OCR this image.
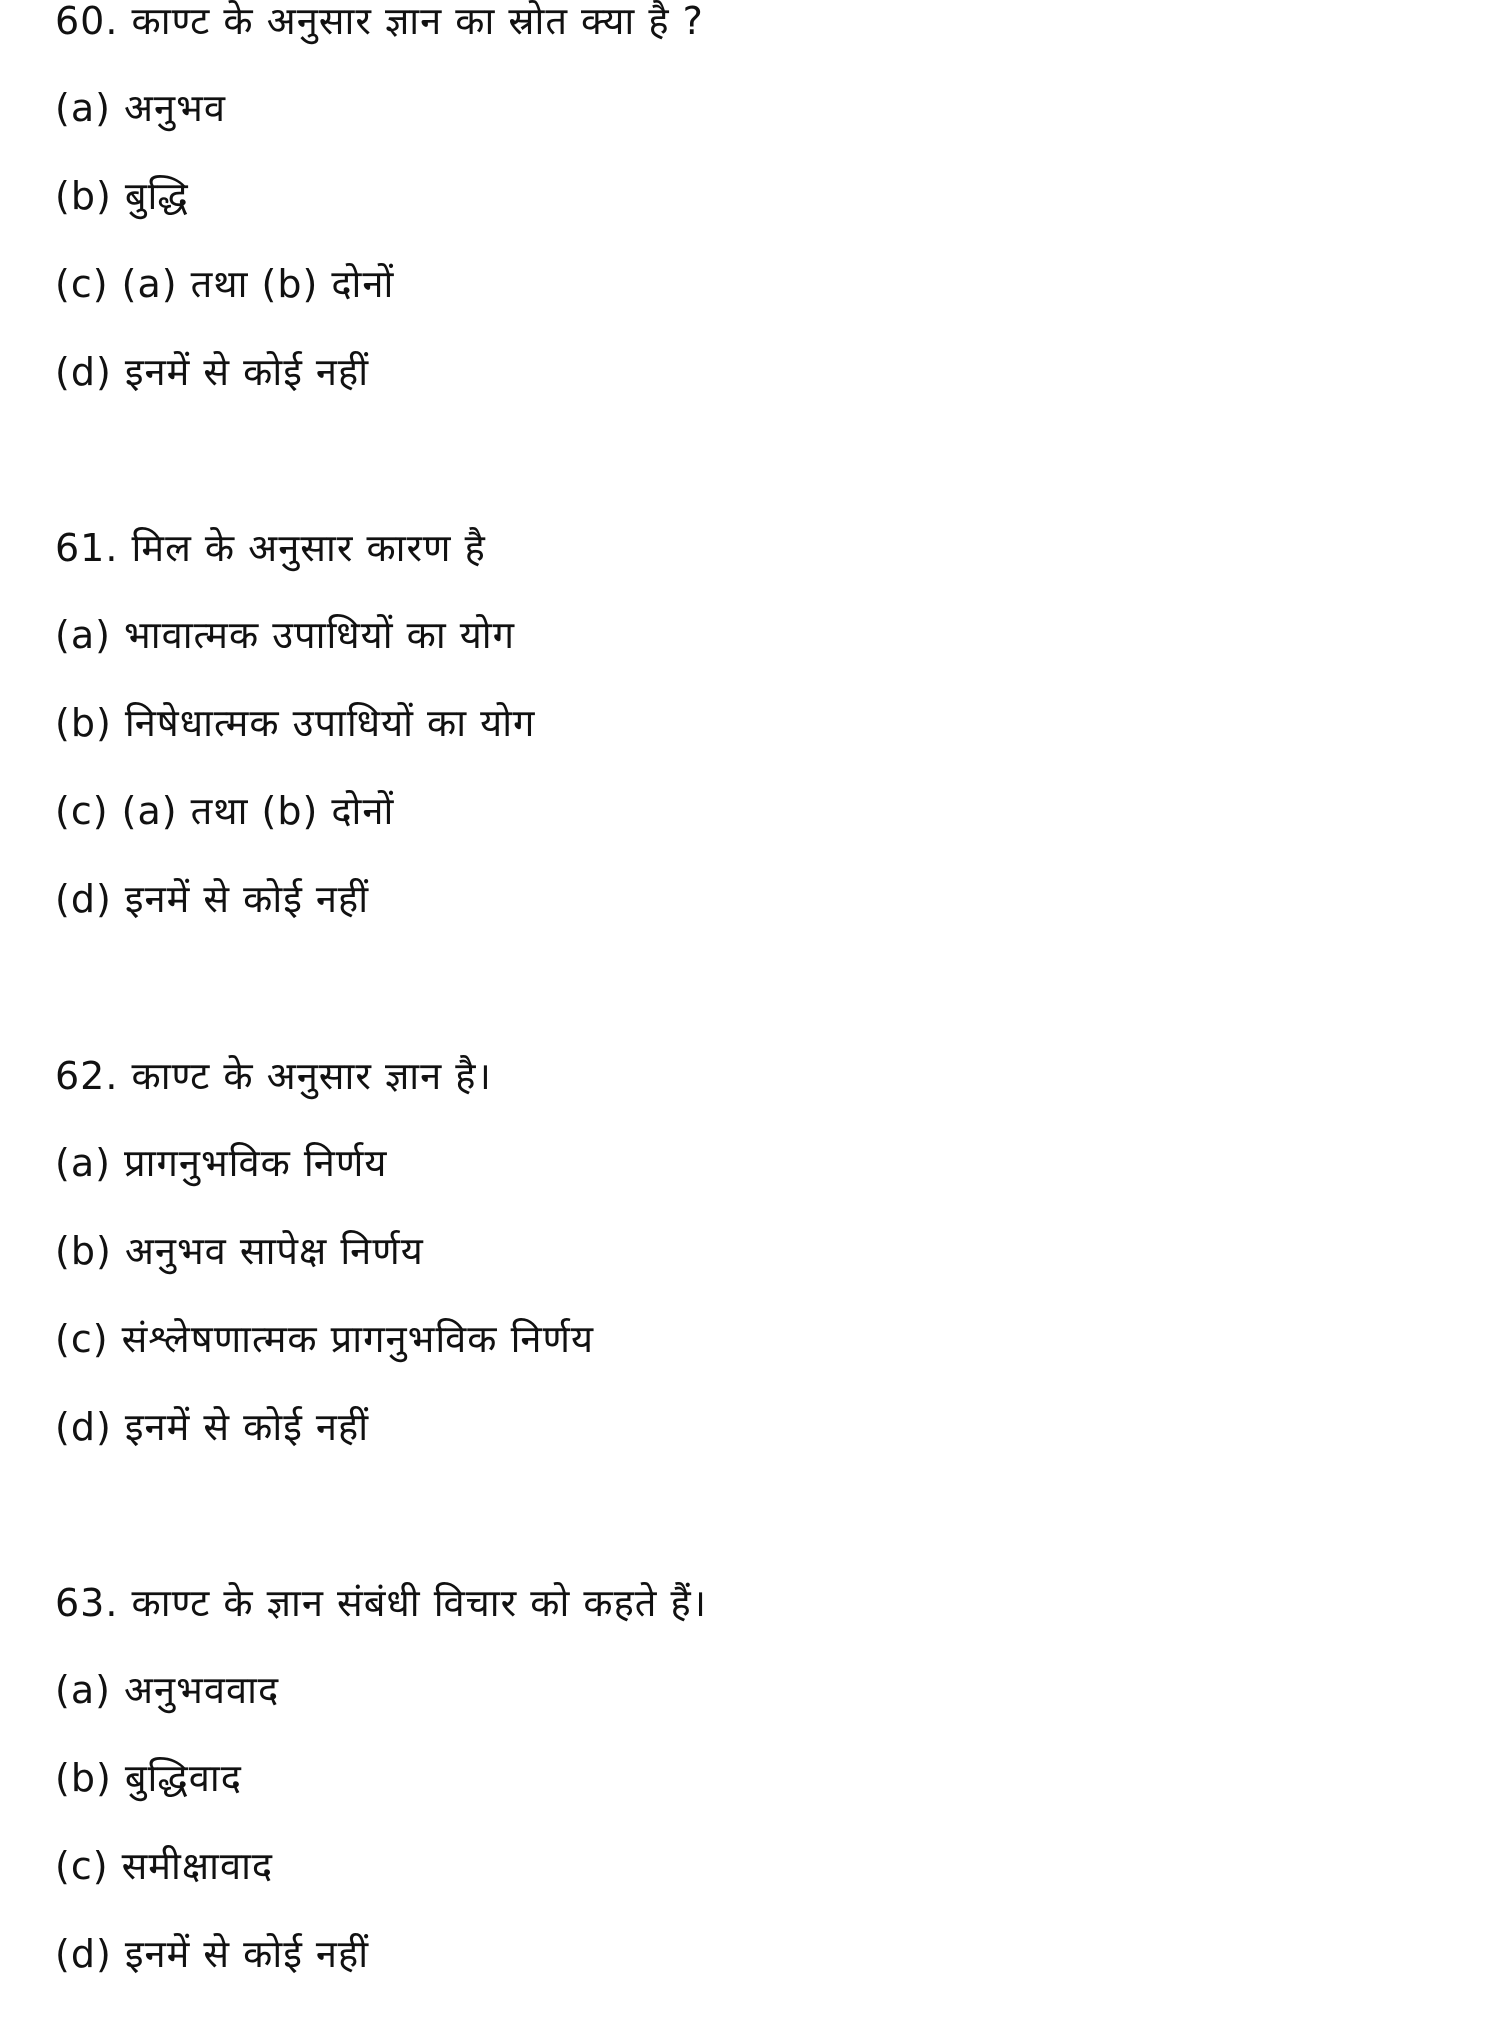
60. काण्ट के अनुसार ज्ञान का स्रोत क्या है ?
(a) अनुभव
(b) बुद्धि
(c) (a) तथा (b) दोनों
(d) इनमें से कोई नहीं
61. मिल के अनुसार कारण है
(a) भावात्मक उपाधियों का योग
(b) निषेधात्मक उपाधियों का योग
(c) (a) तथा (b) दोनों
(d) इनमें से कोई नहीं
62. काण्ट के अनुसार ज्ञान है।
(a) प्रागनुभविक निर्णय
(b) अनुभव सापेक्ष निर्णय
(c) संश्लेषणात्मक प्रागनुभविक निर्णय
(d) इनमें से कोई नहीं
63. काण्ट के ज्ञान संबंधी विचार को कहते हैं।
(a) अनुभववाद
(b) बुद्धिवाद
(c) समीक्षावाद
(d) इनमें से कोई नहीं
